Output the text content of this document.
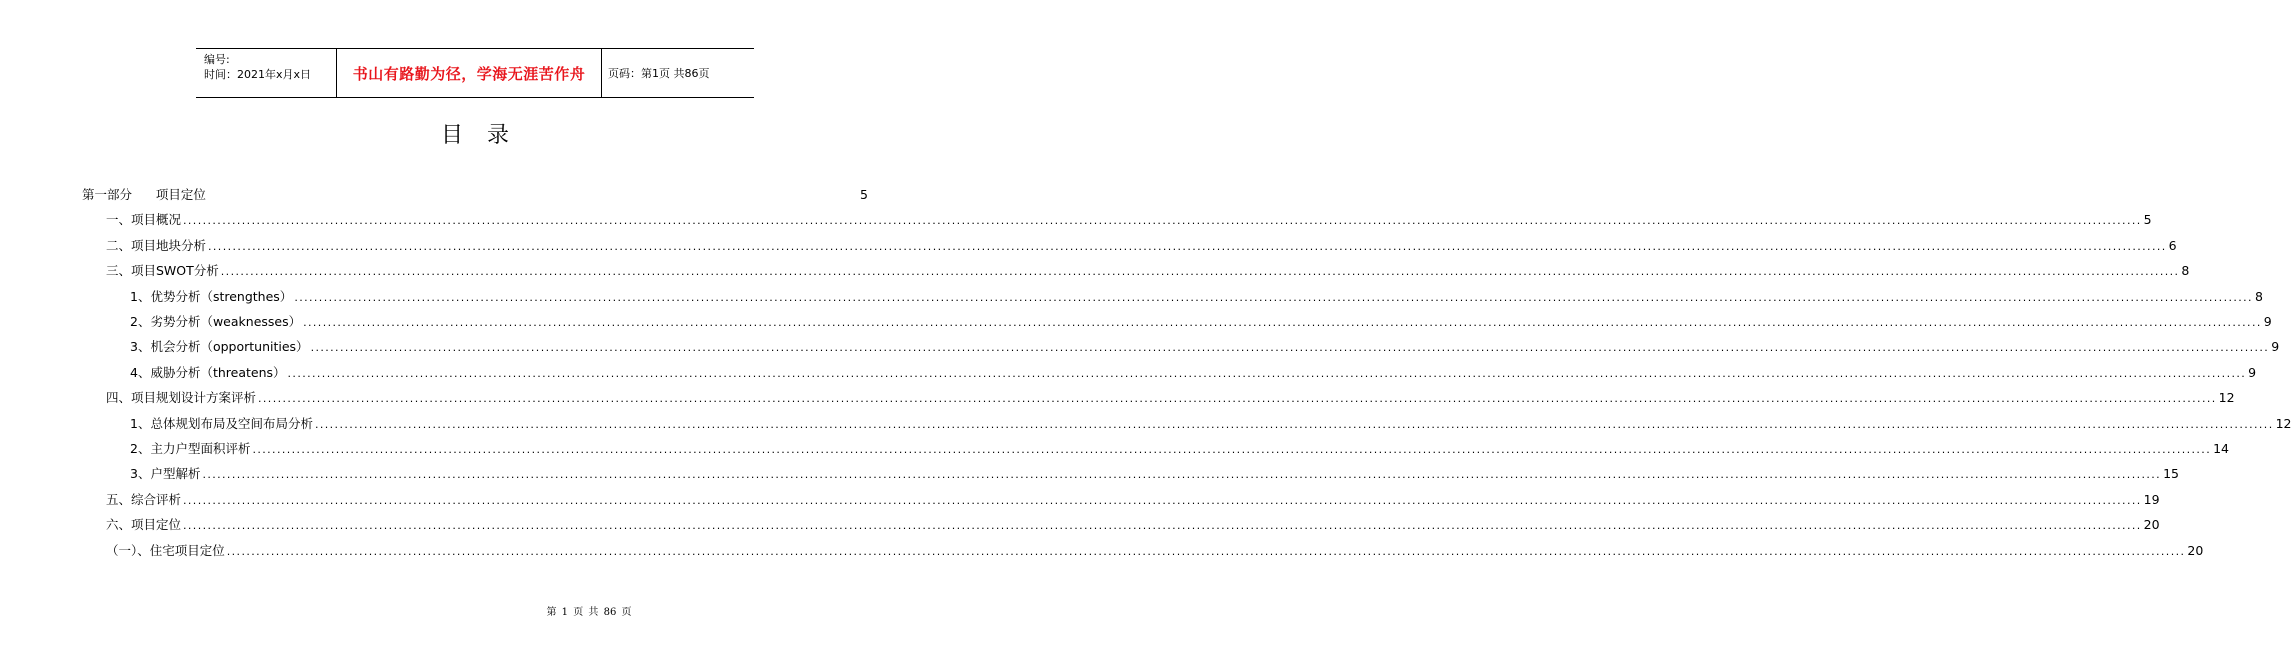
编号:
时间：2021年x月x日	书山有路勤为径，学海无涯苦作舟	页码：第1页 共86页
目录
第一部分      项目定位	5
一、项目概况 ................................................................................................................................................................................................................................................................................................................................................................................................................ 5
二、项目地块分析 ................................................................................................................................................................................................................................................................................................................................................................................................................ 6
三、项目SWOT分析 ................................................................................................................................................................................................................................................................................................................................................................................................................ 8
1、优势分析（strengthes） ................................................................................................................................................................................................................................................................................................................................................................................................................ 8
2、劣势分析（weaknesses） ................................................................................................................................................................................................................................................................................................................................................................................................................ 9
3、机会分析（opportunities） ................................................................................................................................................................................................................................................................................................................................................................................................................ 9
4、威胁分析（threatens） ................................................................................................................................................................................................................................................................................................................................................................................................................ 9
四、项目规划设计方案评析 ................................................................................................................................................................................................................................................................................................................................................................................................................ 12
1、总体规划布局及空间布局分析 ................................................................................................................................................................................................................................................................................................................................................................................................................ 12
2、主力户型面积评析 ................................................................................................................................................................................................................................................................................................................................................................................................................ 14
3、户型解析 ................................................................................................................................................................................................................................................................................................................................................................................................................ 15
五、综合评析 ................................................................................................................................................................................................................................................................................................................................................................................................................ 19
六、项目定位 ................................................................................................................................................................................................................................................................................................................................................................................................................ 20
（一）、住宅项目定位 ................................................................................................................................................................................................................................................................................................................................................................................................................ 20
第 1 页 共 86 页
